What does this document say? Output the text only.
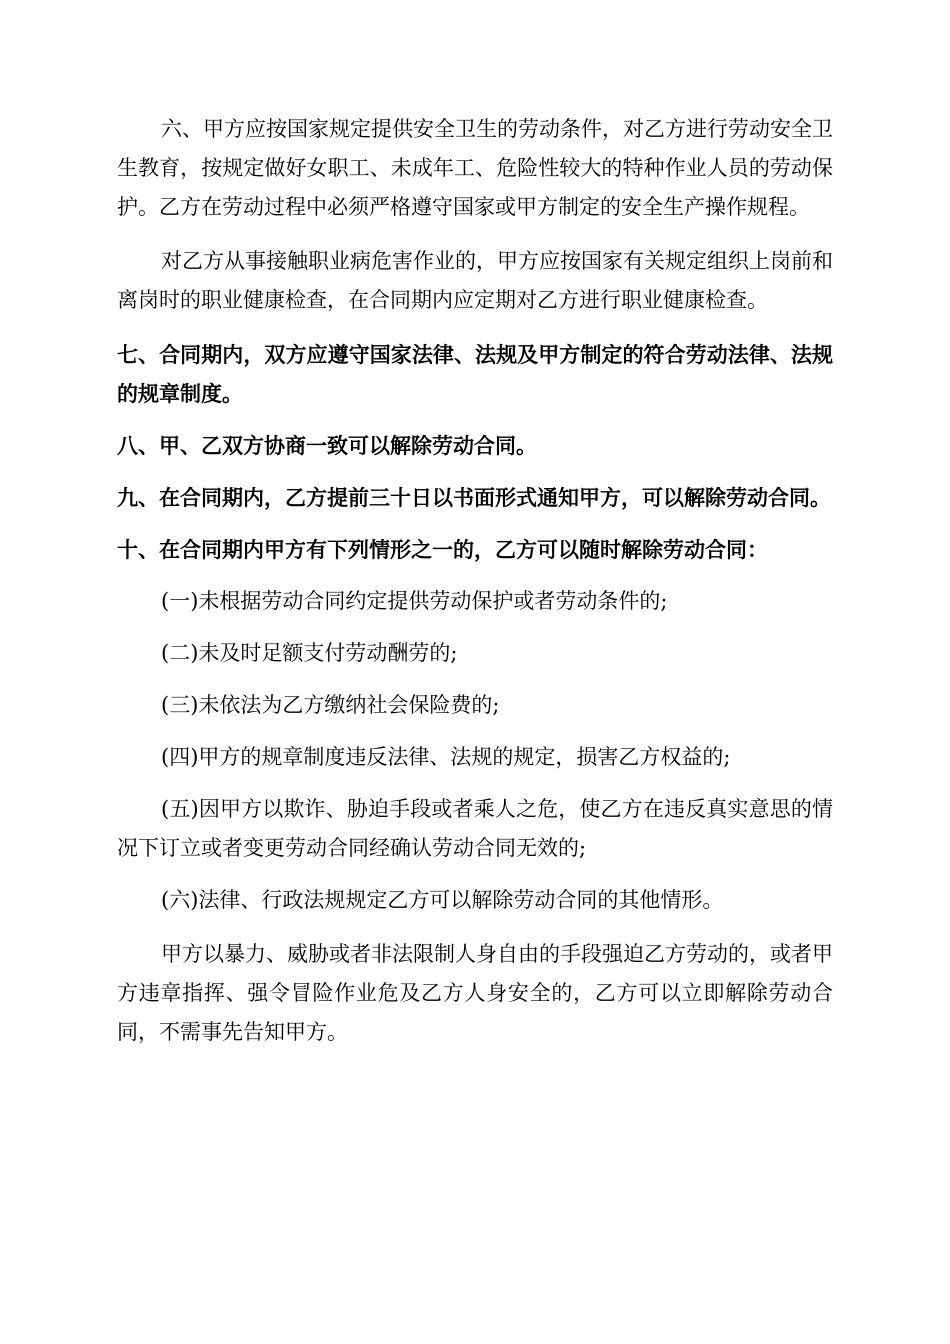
六、甲方应按国家规定提供安全卫生的劳动条件，对乙方进行劳动安全卫生教育，按规定做好女职工、未成年工、危险性较大的特种作业人员的劳动保护。乙方在劳动过程中必须严格遵守国家或甲方制定的安全生产操作规程。

对乙方从事接触职业病危害作业的，甲方应按国家有关规定组织上岗前和离岗时的职业健康检查，在合同期内应定期对乙方进行职业健康检查。

七、合同期内，双方应遵守国家法律、法规及甲方制定的符合劳动法律、法规的规章制度。

八、甲、乙双方协商一致可以解除劳动合同。

九、在合同期内，乙方提前三十日以书面形式通知甲方，可以解除劳动合同。

十、在合同期内甲方有下列情形之一的，乙方可以随时解除劳动合同：

(一)未根据劳动合同约定提供劳动保护或者劳动条件的;

(二)未及时足额支付劳动酬劳的;

(三)未依法为乙方缴纳社会保险费的;

(四)甲方的规章制度违反法律、法规的规定，损害乙方权益的;

(五)因甲方以欺诈、胁迫手段或者乘人之危，使乙方在违反真实意思的情况下订立或者变更劳动合同经确认劳动合同无效的;

(六)法律、行政法规规定乙方可以解除劳动合同的其他情形。

甲方以暴力、威胁或者非法限制人身自由的手段强迫乙方劳动的，或者甲方违章指挥、强令冒险作业危及乙方人身安全的，乙方可以立即解除劳动合同，不需事先告知甲方。
